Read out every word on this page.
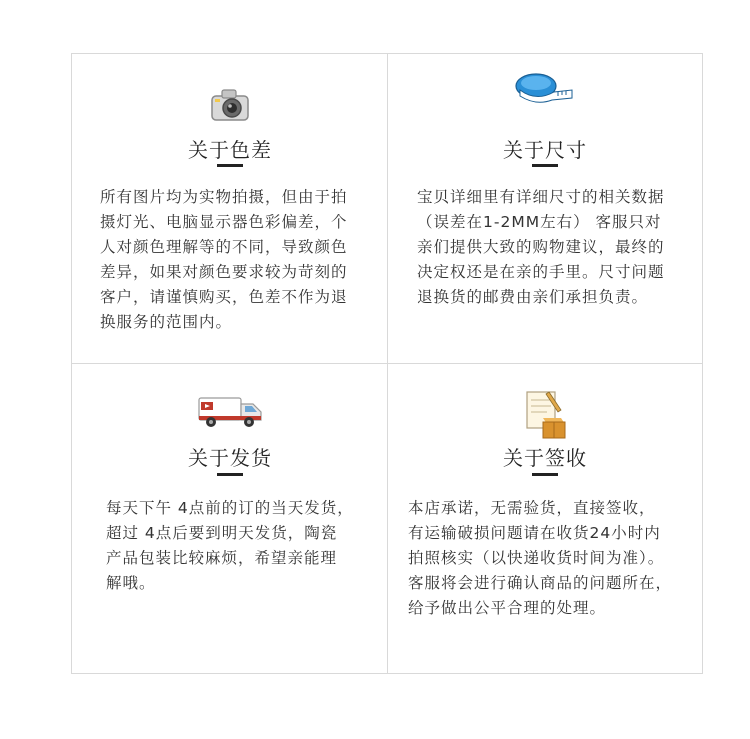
关于色差
所有图片均为实物拍摄，但由于拍
摄灯光、电脑显示器色彩偏差，个
人对颜色理解等的不同，导致颜色
差异，如果对颜色要求较为苛刻的
客户，请谨慎购买，色差不作为退
换服务的范围内。
关于尺寸
宝贝详细里有详细尺寸的相关数据
（误差在1-2MM左右） 客服只对
亲们提供大致的购物建议，最终的
决定权还是在亲的手里。尺寸问题
退换货的邮费由亲们承担负责。
关于发货
每天下午 4点前的订的当天发货，
超过 4点后要到明天发货，陶瓷
产品包装比较麻烦，希望亲能理
解哦。
关于签收
本店承诺，无需验货，直接签收，
有运输破损问题请在收货24小时内
拍照核实（以快递收货时间为准）。
客服将会进行确认商品的问题所在，
给予做出公平合理的处理。
